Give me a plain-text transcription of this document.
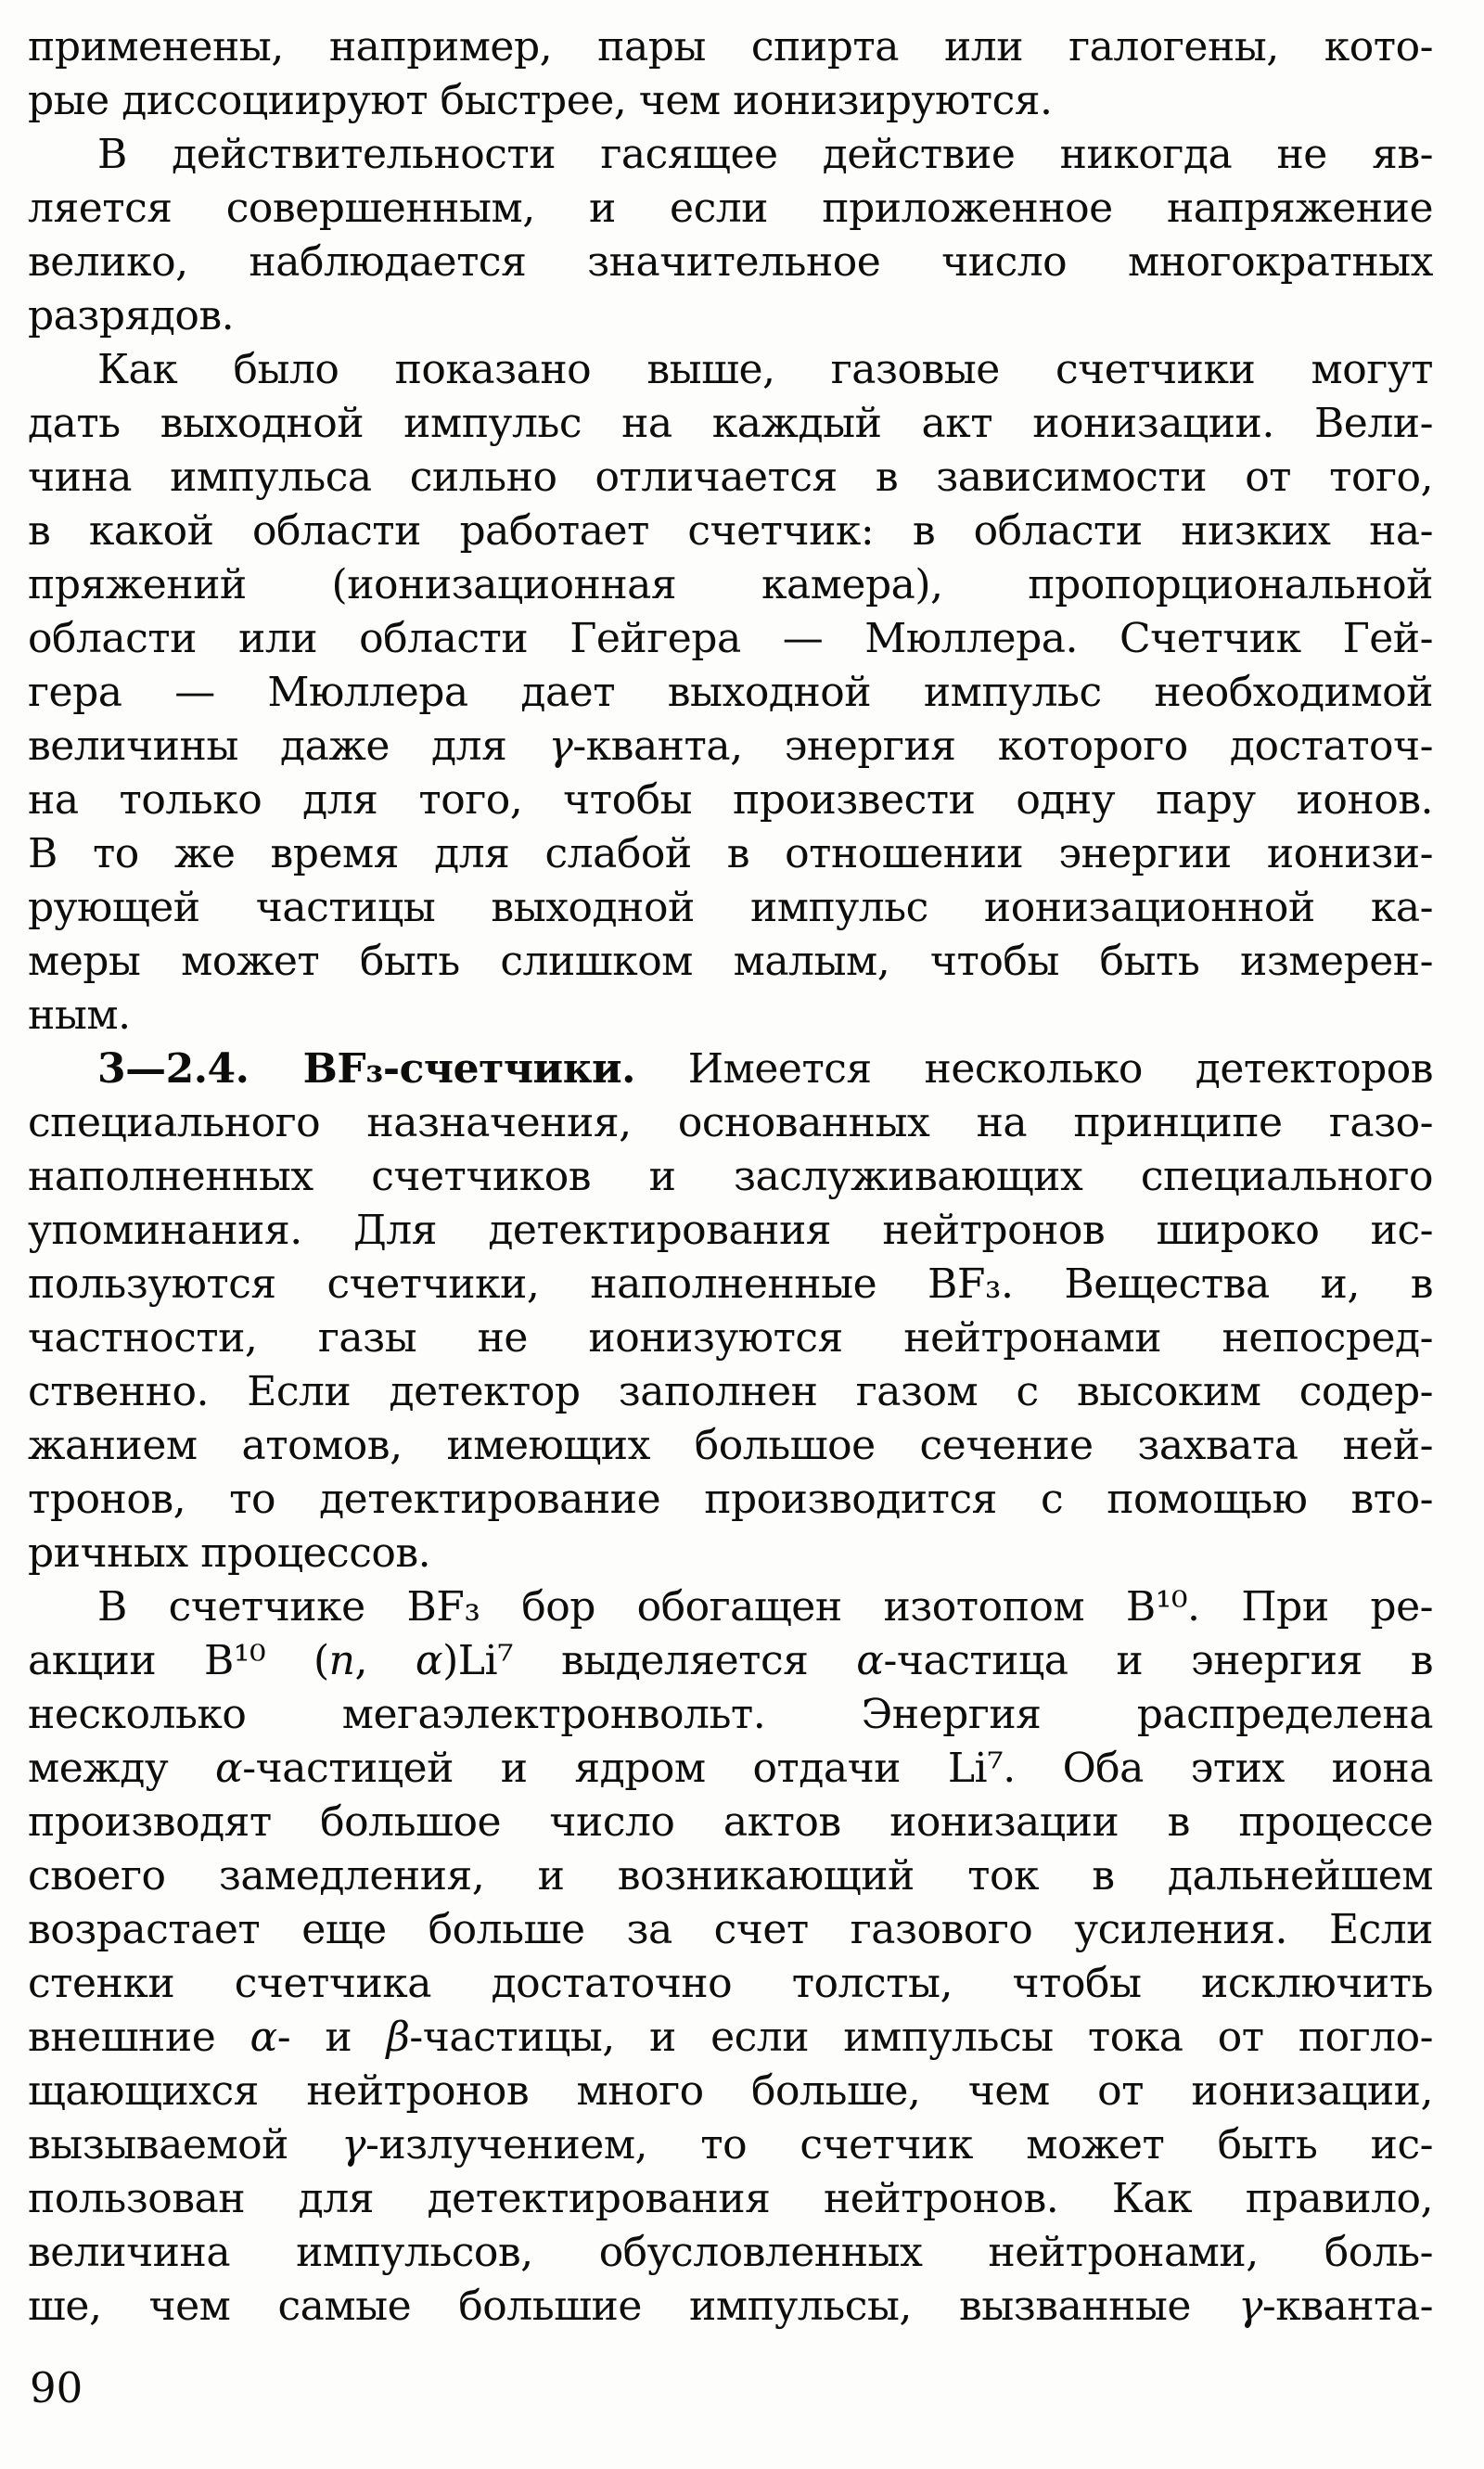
применены, например, пары спирта или галогены, кото-
рые диссоциируют быстрее, чем ионизируются.
В действительности гасящее действие никогда не яв-
ляется совершенным, и если приложенное напряжение
велико, наблюдается значительное число многократных
разрядов.
Как было показано выше, газовые счетчики могут
дать выходной импульс на каждый акт ионизации. Вели-
чина импульса сильно отличается в зависимости от того,
в какой области работает счетчик: в области низких на-
пряжений (ионизационная камера), пропорциональной
области или области Гейгера — Мюллера. Счетчик Гей-
гера — Мюллера дает выходной импульс необходимой
величины даже для γ-кванта, энергия которого достаточ-
на только для того, чтобы произвести одну пару ионов.
В то же время для слабой в отношении энергии ионизи-
рующей частицы выходной импульс ионизационной ка-
меры может быть слишком малым, чтобы быть измерен-
ным.
3—2.4. BF₃-счетчики. Имеется несколько детекторов
специального назначения, основанных на принципе газо-
наполненных счетчиков и заслуживающих специального
упоминания. Для детектирования нейтронов широко ис-
пользуются счетчики, наполненные BF₃. Вещества и, в
частности, газы не ионизуются нейтронами непосред-
ственно. Если детектор заполнен газом с высоким содер-
жанием атомов, имеющих большое сечение захвата ней-
тронов, то детектирование производится с помощью вто-
ричных процессов.
В счетчике BF₃ бор обогащен изотопом B¹⁰. При ре-
акции B¹⁰ (n, α)Li⁷ выделяется α-частица и энергия в
несколько мегаэлектронвольт. Энергия распределена
между α-частицей и ядром отдачи Li⁷. Оба этих иона
производят большое число актов ионизации в процессе
своего замедления, и возникающий ток в дальнейшем
возрастает еще больше за счет газового усиления. Если
стенки счетчика достаточно толсты, чтобы исключить
внешние α- и β-частицы, и если импульсы тока от погло-
щающихся нейтронов много больше, чем от ионизации,
вызываемой γ-излучением, то счетчик может быть ис-
пользован для детектирования нейтронов. Как правило,
величина импульсов, обусловленных нейтронами, боль-
ше, чем самые большие импульсы, вызванные γ-кванта-
90
